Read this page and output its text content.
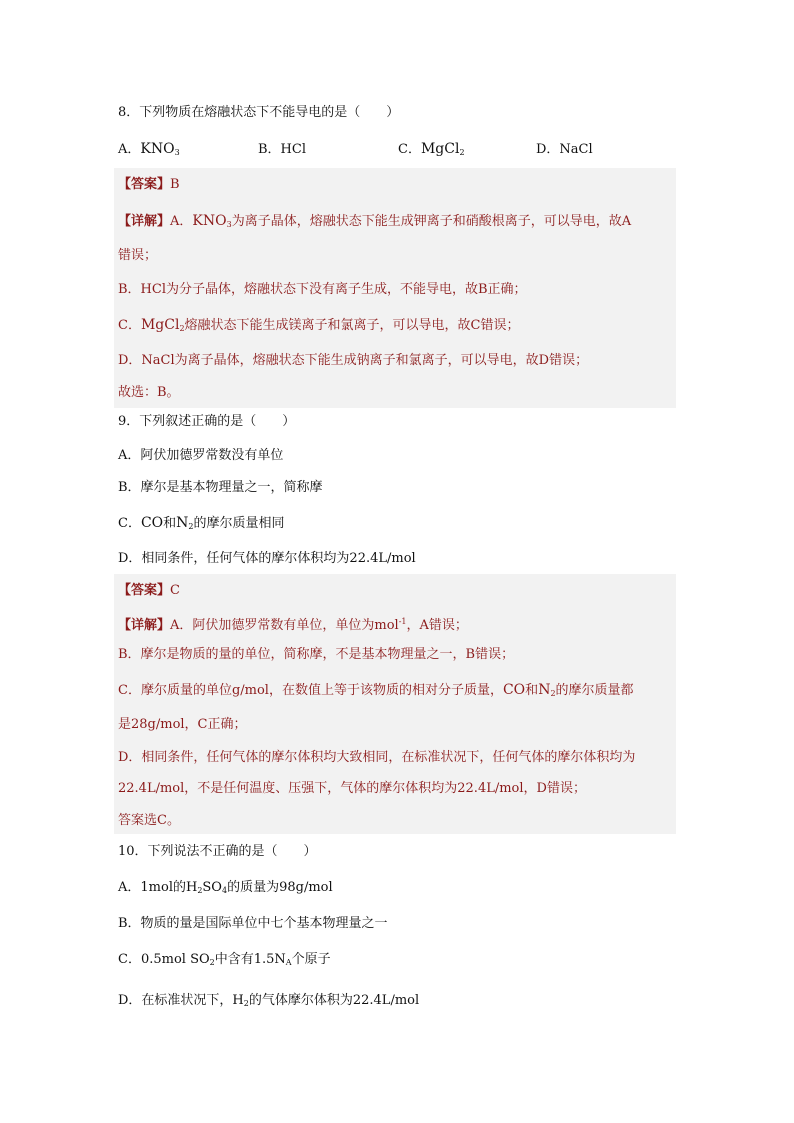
8．下列物质在熔融状态下不能导电的是（　　）
A．$KNO_3$	B．HCl	C．MgCl$_2$	D．NaCl
【答案】B
【详解】A．$KNO_3$为离子晶体，熔融状态下能生成钾离子和硝酸根离子，可以导电，故A
错误；
B．HCl为分子晶体，熔融状态下没有离子生成，不能导电，故B正确；
C．MgCl$_2$熔融状态下能生成镁离子和氯离子，可以导电，故C错误；
D．NaCl为离子晶体，熔融状态下能生成钠离子和氯离子，可以导电，故D错误；
故选：B。
9．下列叙述正确的是（　　）
A．阿伏加德罗常数没有单位
B．摩尔是基本物理量之一，简称摩
C．CO和$N_2$的摩尔质量相同
D．相同条件，任何气体的摩尔体积均为22.4L/mol
【答案】C
【详解】A．阿伏加德罗常数有单位，单位为mol$^{-1}$，A错误；
B．摩尔是物质的量的单位，简称摩，不是基本物理量之一，B错误；
C．摩尔质量的单位g/mol，在数值上等于该物质的相对分子质量，CO和$N_2$的摩尔质量都
是28g/mol，C正确；
D．相同条件，任何气体的摩尔体积均大致相同，在标准状况下，任何气体的摩尔体积均为
22.4L/mol，不是任何温度、压强下，气体的摩尔体积均为22.4L/mol，D错误；
答案选C。
10．下列说法不正确的是（　　）
A．1mol的$H_2SO_4$的质量为98g/mol
B．物质的量是国际单位中七个基本物理量之一
C．0.5mol $SO_2$中含有$1.5N_A$个原子
D．在标准状况下，$H_2$的气体摩尔体积为22.4L/mol
